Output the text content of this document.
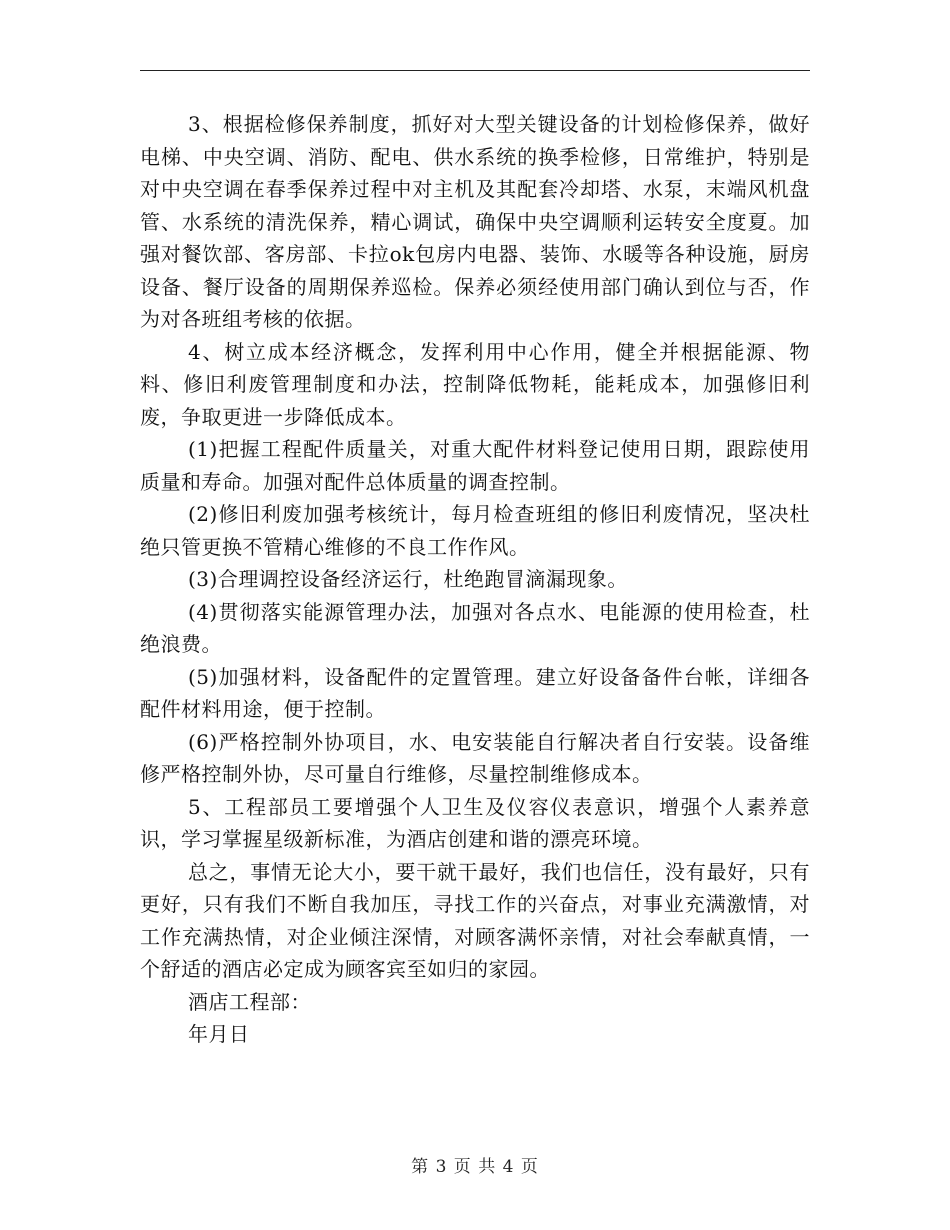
3、根据检修保养制度，抓好对大型关键设备的计划检修保养，做好电梯、中央空调、消防、配电、供水系统的换季检修，日常维护，特别是对中央空调在春季保养过程中对主机及其配套冷却塔、水泵，末端风机盘管、水系统的清洗保养，精心调试，确保中央空调顺利运转安全度夏。加强对餐饮部、客房部、卡拉ok包房内电器、装饰、水暖等各种设施，厨房设备、餐厅设备的周期保养巡检。保养必须经使用部门确认到位与否，作为对各班组考核的依据。

4、树立成本经济概念，发挥利用中心作用，健全并根据能源、物料、修旧利废管理制度和办法，控制降低物耗，能耗成本，加强修旧利废，争取更进一步降低成本。

(1)把握工程配件质量关，对重大配件材料登记使用日期，跟踪使用质量和寿命。加强对配件总体质量的调查控制。

(2)修旧利废加强考核统计，每月检查班组的修旧利废情况，坚决杜绝只管更换不管精心维修的不良工作作风。

(3)合理调控设备经济运行，杜绝跑冒滴漏现象。

(4)贯彻落实能源管理办法，加强对各点水、电能源的使用检查，杜绝浪费。

(5)加强材料，设备配件的定置管理。建立好设备备件台帐，详细各配件材料用途，便于控制。

(6)严格控制外协项目，水、电安装能自行解决者自行安装。设备维修严格控制外协，尽可量自行维修，尽量控制维修成本。

5、工程部员工要增强个人卫生及仪容仪表意识，增强个人素养意识，学习掌握星级新标准，为酒店创建和谐的漂亮环境。

总之，事情无论大小，要干就干最好，我们也信任，没有最好，只有更好，只有我们不断自我加压，寻找工作的兴奋点，对事业充满激情，对工作充满热情，对企业倾注深情，对顾客满怀亲情，对社会奉献真情，一个舒适的酒店必定成为顾客宾至如归的家园。

酒店工程部：

年月日

第 3 页 共 4 页
